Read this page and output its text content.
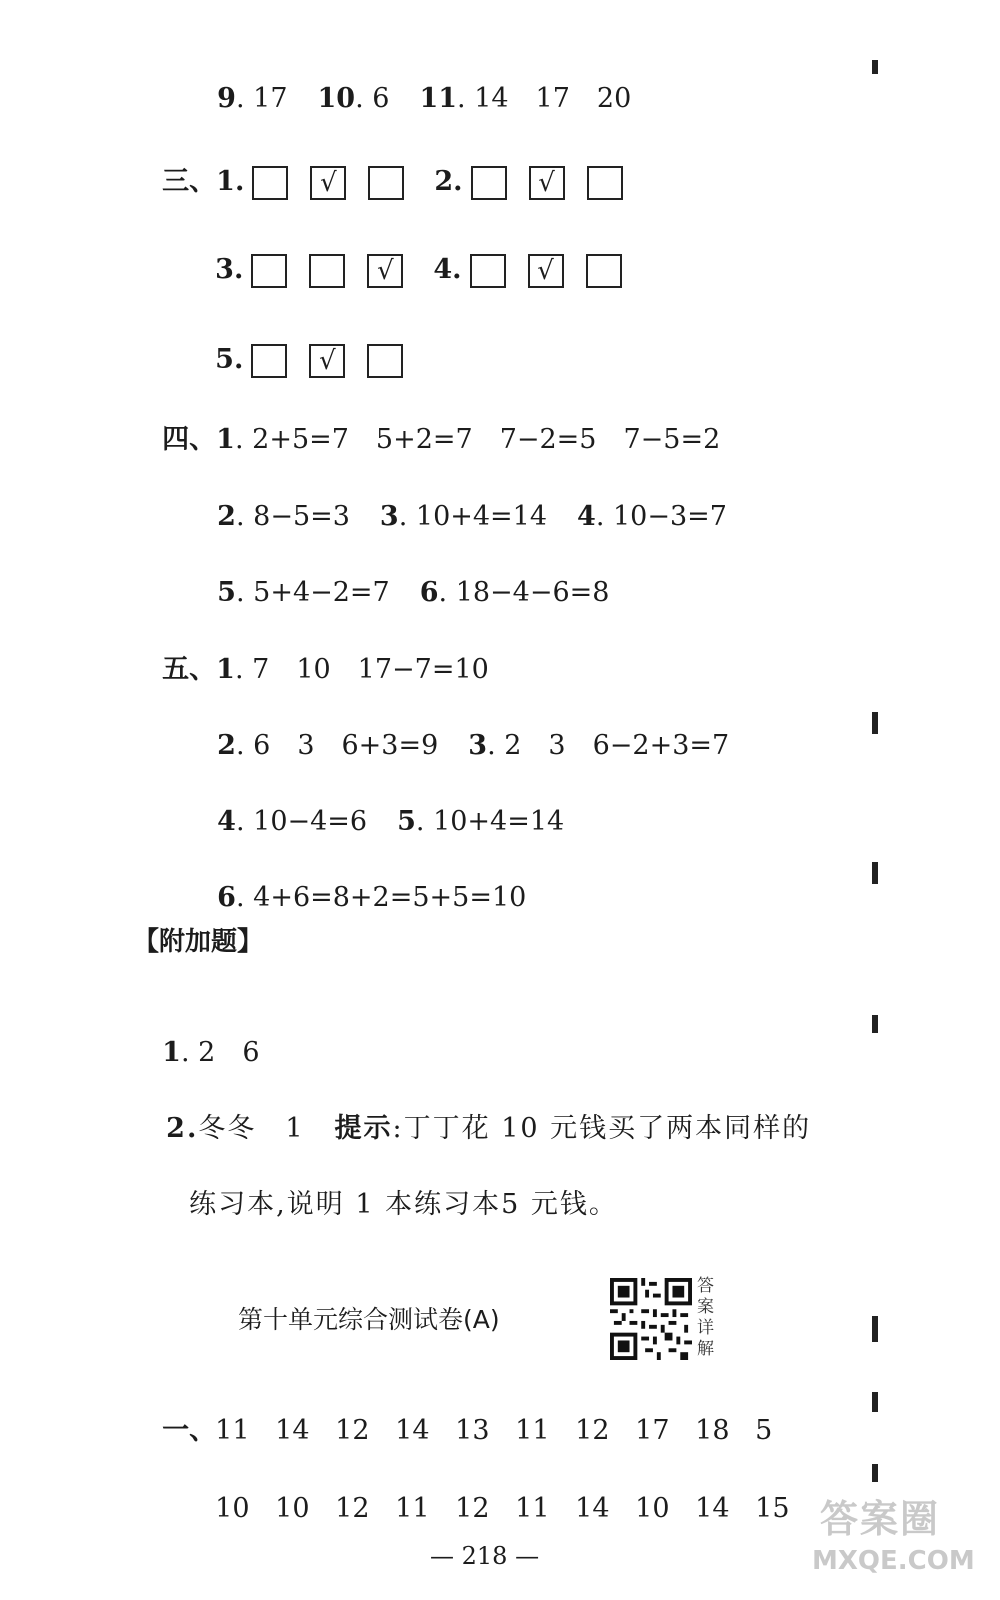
9. 17 10. 6 11. 14　17　20

三、1.	√	2.	√

3.	√ 4.	√

5.	√

四、1. 2+5=7　5+2=7　7−2=5　7−5=2

2. 8−5=3 3. 10+4=14 4. 10−3=7

5. 5+4−2=7 6. 18−4−6=8

五、1. 7　10　17−7=10

2. 6　3　6+3=9 3. 2　3　6−2+3=7

4. 10−4=6 5. 10+4=14

6. 4+6=8+2=5+5=10

【附加题】

1. 2　6

2.冬冬　1 提示:丁丁花 10 元钱买了两本同样的

练习本,说明 1 本练习本5 元钱。

第十单元综合测试卷(A)
答案详解

一、 11 14 12 14 13 11 12 17 18 5

10 10 12 11 12 11 14 10 14 15

— 218 —
答案圈
MXQE.COM
